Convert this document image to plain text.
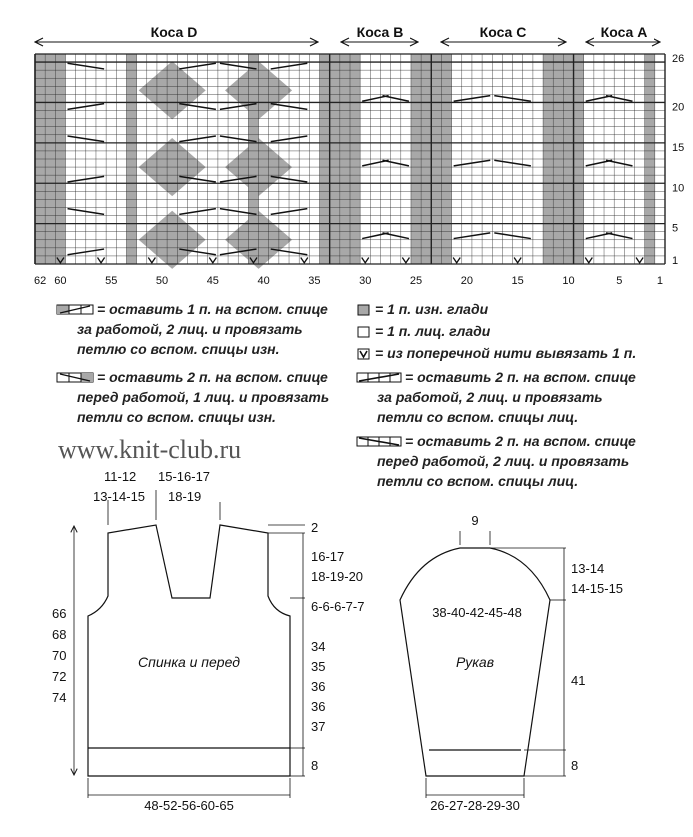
Коса D	Коса B	Коса C	Коса A
62 60	55	50	45	40	35	30	25	20	15	10	5	1
1
5
10
15
20
26
= оставить 1 п. на вспом. спице
за работой, 2 лиц. и провязать
петлю со вспом. спицы изн.
= оставить 2 п. на вспом. спице
перед работой, 1 лиц. и провязать
петли со вспом. спицы изн.
www.knit-club.ru
= 1 п. изн. глади
= 1 п. лиц. глади
= из поперечной нити вывязать 1 п.
= оставить 2 п. на вспом. спице
за работой, 2 лиц. и провязать
петли со вспом. спицы лиц.
= оставить 2 п. на вспом. спице
перед работой, 2 лиц. и провязать
петли со вспом. спицы лиц.
11-12
13-14-15
15-16-17
18-19
Спинка и перед
2
16-17
18-19-20
6-6-6-7-7
34
35
36
36
37
8
66
68
70
72
74
48-52-56-60-65
9
38-40-42-45-48
Рукав
13-14
14-15-15
41
8
26-27-28-29-30
